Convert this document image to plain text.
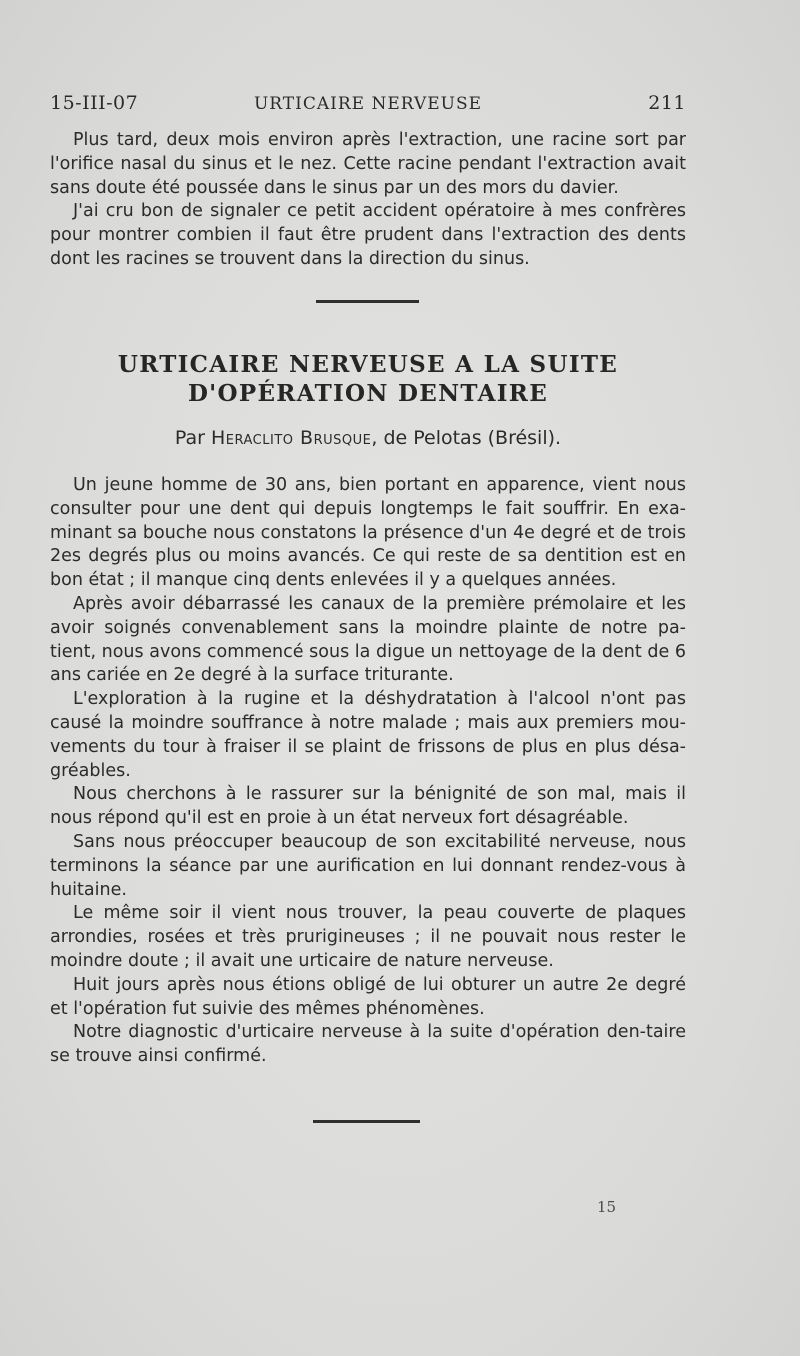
15-III-07	URTICAIRE NERVEUSE	211

Plus tard, deux mois environ après l'extraction, une racine sort par l'orifice nasal du sinus et le nez. Cette racine pendant l'extraction avait sans doute été poussée dans le sinus par un des mors du davier.

J'ai cru bon de signaler ce petit accident opératoire à mes confrères pour montrer combien il faut être prudent dans l'extraction des dents dont les racines se trouvent dans la direction du sinus.

URTICAIRE NERVEUSE A LA SUITE
D'OPÉRATION DENTAIRE
Par Heraclito Brusque, de Pelotas (Brésil).

Un jeune homme de 30 ans, bien portant en apparence, vient nous consulter pour une dent qui depuis longtemps le fait souffrir. En exa-minant sa bouche nous constatons la présence d'un 4e degré et de trois 2es degrés plus ou moins avancés. Ce qui reste de sa dentition est en bon état ; il manque cinq dents enlevées il y a quelques années.

Après avoir débarrassé les canaux de la première prémolaire et les avoir soignés convenablement sans la moindre plainte de notre pa-tient, nous avons commencé sous la digue un nettoyage de la dent de 6 ans cariée en 2e degré à la surface triturante.

L'exploration à la rugine et la déshydratation à l'alcool n'ont pas causé la moindre souffrance à notre malade ; mais aux premiers mou-vements du tour à fraiser il se plaint de frissons de plus en plus désa-gréables.

Nous cherchons à le rassurer sur la bénignité de son mal, mais il nous répond qu'il est en proie à un état nerveux fort désagréable.

Sans nous préoccuper beaucoup de son excitabilité nerveuse, nous terminons la séance par une aurification en lui donnant rendez-vous à huitaine.

Le même soir il vient nous trouver, la peau couverte de plaques arrondies, rosées et très prurigineuses ; il ne pouvait nous rester le moindre doute ; il avait une urticaire de nature nerveuse.

Huit jours après nous étions obligé de lui obturer un autre 2e degré et l'opération fut suivie des mêmes phénomènes.

Notre diagnostic d'urticaire nerveuse à la suite d'opération den-taire se trouve ainsi confirmé.

15
